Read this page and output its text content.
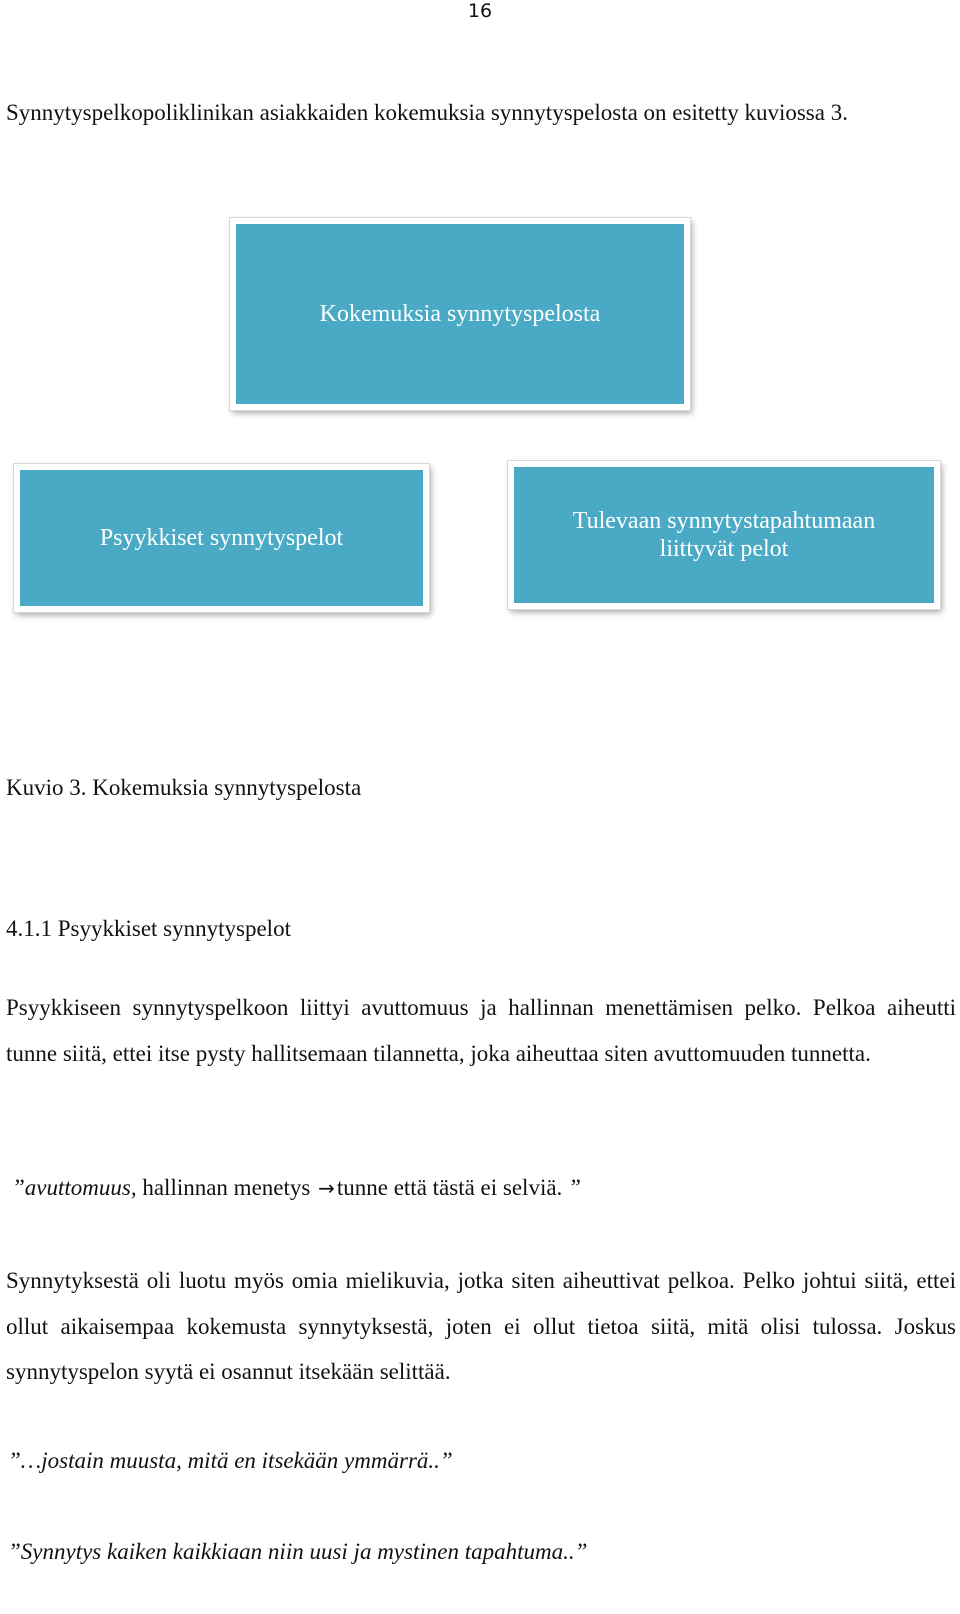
16

Synnytyspelkopoliklinikan asiakkaiden kokemuksia synnytyspelosta on esitetty kuviossa 3.

Kokemuksia synnytyspelosta
Psyykkiset synnytyspelot
Tulevaan synnytystapahtumaan liittyvät pelot

Kuvio 3. Kokemuksia synnytyspelosta

4.1.1 Psyykkiset synnytyspelot

Psyykkiseen synnytyspelkoon liittyi avuttomuus ja hallinnan menettämisen pelko. Pelkoa aiheutti tunne siitä, ettei itse pysty hallitsemaan tilannetta, joka aiheuttaa siten avuttomuuden tunnetta.

”avuttomuus, hallinnan menetys →tunne että tästä ei selviä. ”

Synnytyksestä oli luotu myös omia mielikuvia, jotka siten aiheuttivat pelkoa. Pelko johtui siitä, ettei ollut aikaisempaa kokemusta synnytyksestä, joten ei ollut tietoa siitä, mitä olisi tulossa. Joskus synnytyspelon syytä ei osannut itsekään selittää.

”…jostain muusta, mitä en itsekään ymmärrä..”

”Synnytys kaiken kaikkiaan niin uusi ja mystinen tapahtuma..”
